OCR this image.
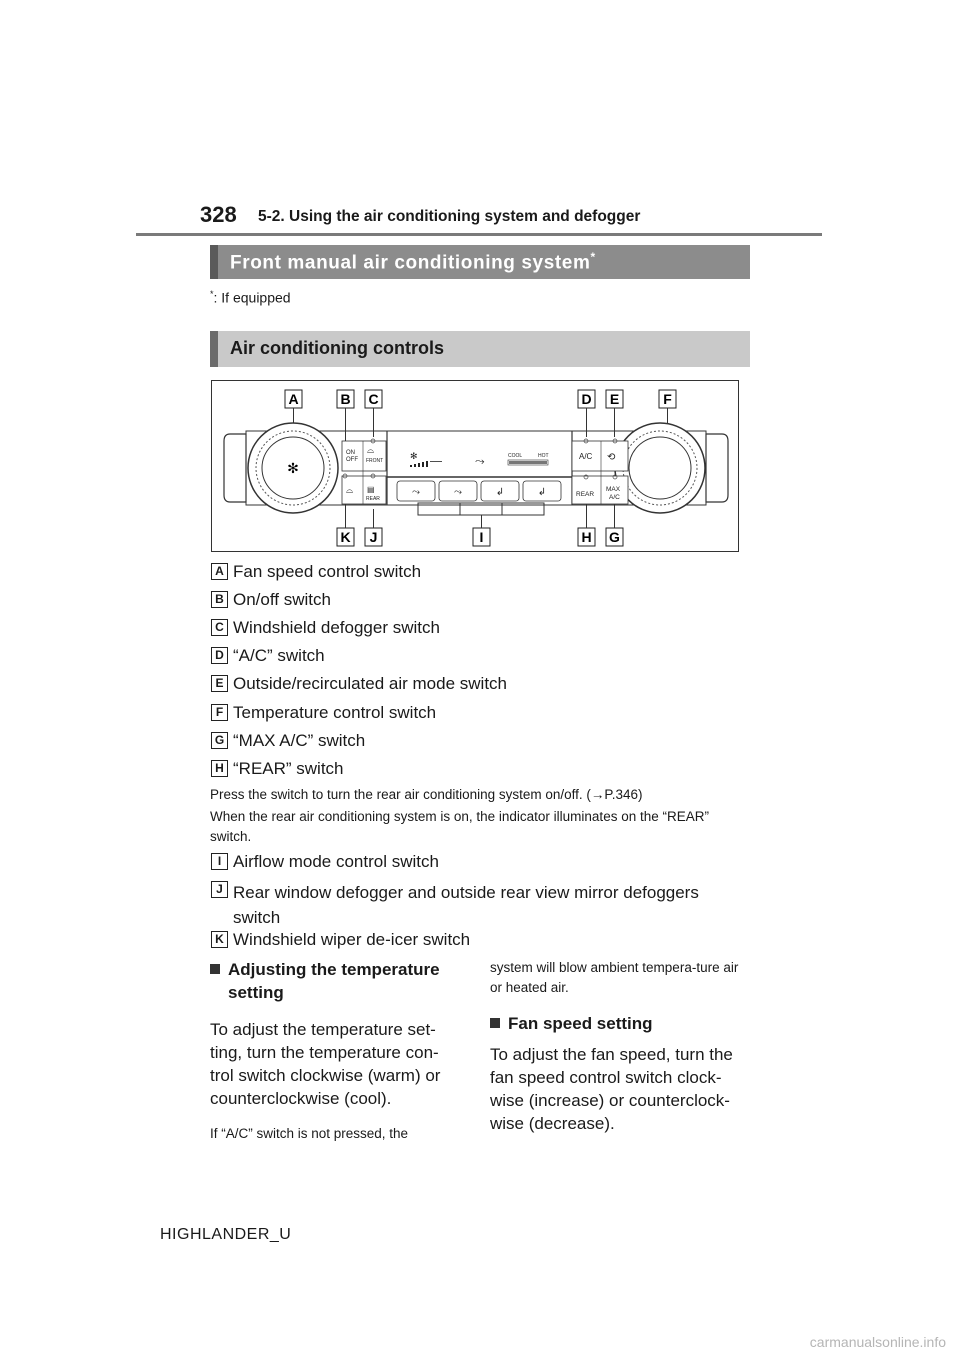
328 5-2. Using the air conditioning system and defogger
Front manual air conditioning system*
*: If equipped
Air conditioning controls
A	B C	D E	F
K J	I	H G
✻
ON
OFF FRONT
REAR
⌓
⌓
▤
✻	⤳	COOL	HOT
⤳	⤳	↲	↲
A/C ⟲
REAR
MAX
A/C
A Fan speed control switch
B On/off switch
C Windshield defogger switch
D “A/C” switch
E Outside/recirculated air mode switch
F Temperature control switch
G “MAX A/C” switch
H “REAR” switch
Press the switch to turn the rear air conditioning system on/off. (→P.346)
When the rear air conditioning system is on, the indicator illuminates on the “REAR” switch.
I Airflow mode control switch
J Rear window defogger and outside rear view mirror defoggers switch
K Windshield wiper de-icer switch
Adjusting the temperature setting
To adjust the temperature set-ting, turn the temperature con-trol switch clockwise (warm) or counterclockwise (cool).
If “A/C” switch is not pressed, the
system will blow ambient tempera-ture air or heated air.
Fan speed setting
To adjust the fan speed, turn the fan speed control switch clock-wise (increase) or counterclock-wise (decrease).
HIGHLANDER_U
carmanualsonline.info
